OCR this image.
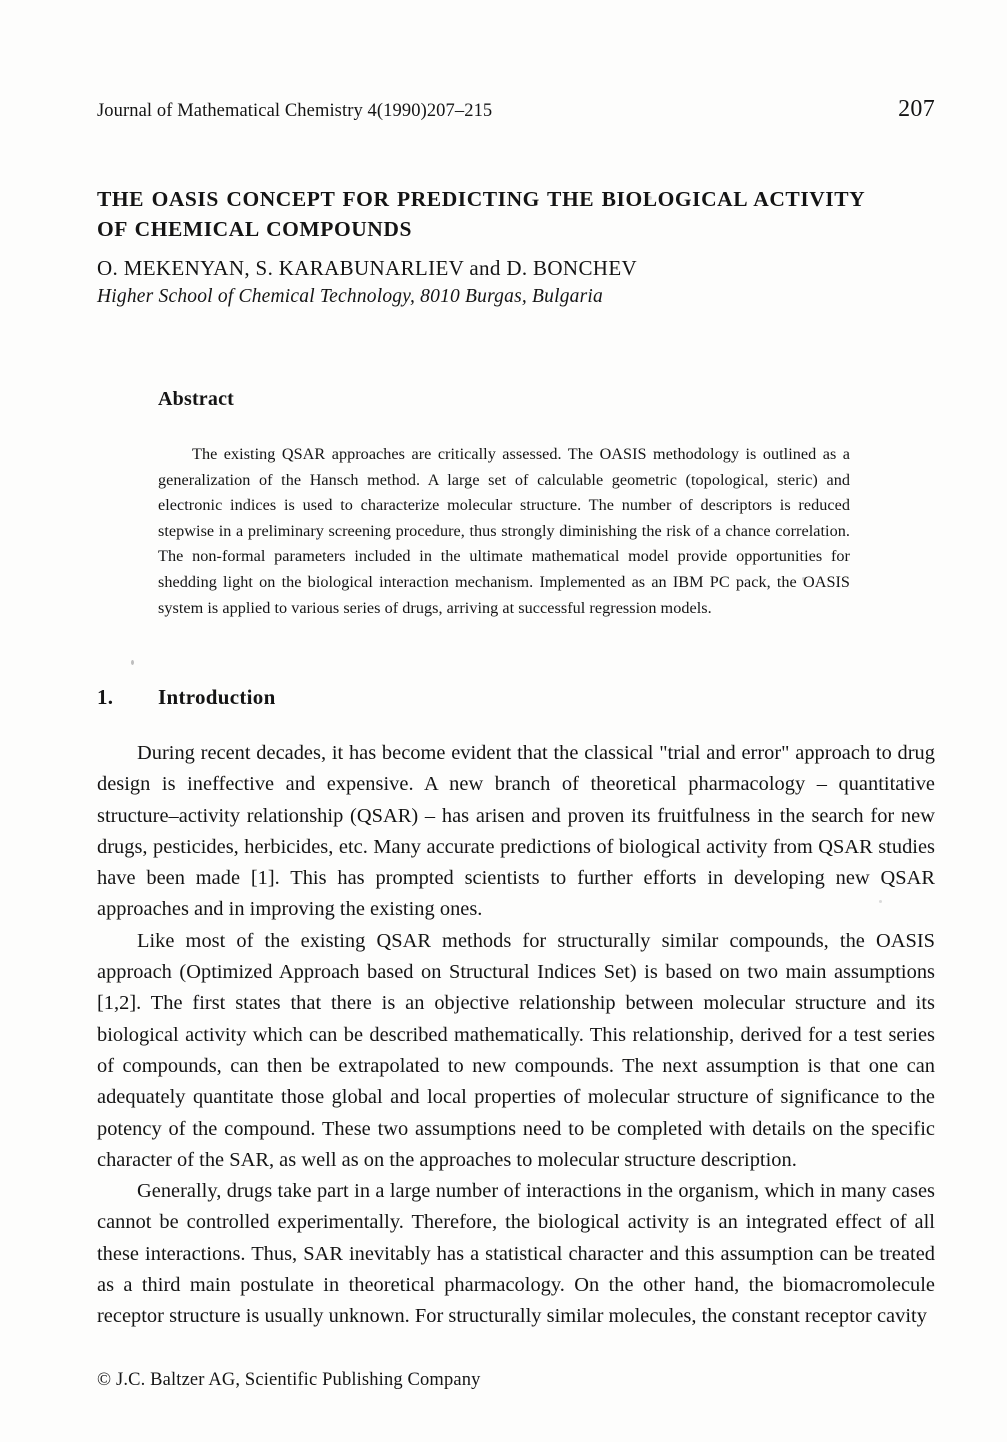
Journal of Mathematical Chemistry 4(1990)207–215	207
THE OASIS CONCEPT FOR PREDICTING THE BIOLOGICAL ACTIVITY
OF CHEMICAL COMPOUNDS
O. MEKENYAN, S. KARABUNARLIEV and D. BONCHEV
Higher School of Chemical Technology, 8010 Burgas, Bulgaria
Abstract

The existing QSAR approaches are critically assessed. The OASIS methodology is outlined as a generalization of the Hansch method. A large set of calculable geometric (topological, steric) and electronic indices is used to characterize molecular structure. The number of descriptors is reduced stepwise in a preliminary screening procedure, thus strongly diminishing the risk of a chance correlation. The non-formal parameters included in the ultimate mathematical model provide opportunities for shedding light on the biological interaction mechanism. Implemented as an IBM PC pack, the OASIS system is applied to various series of drugs, arriving at successful regression models.

1.	Introduction

During recent decades, it has become evident that the classical "trial and error" approach to drug design is ineffective and expensive. A new branch of theoretical pharmacology – quantitative structure–activity relationship (QSAR) – has arisen and proven its fruitfulness in the search for new drugs, pesticides, herbicides, etc. Many accurate predictions of biological activity from QSAR studies have been made [1]. This has prompted scientists to further efforts in developing new QSAR approaches and in improving the existing ones.

Like most of the existing QSAR methods for structurally similar compounds, the OASIS approach (Optimized Approach based on Structural Indices Set) is based on two main assumptions [1,2]. The first states that there is an objective relationship between molecular structure and its biological activity which can be described mathematically. This relationship, derived for a test series of compounds, can then be extrapolated to new compounds. The next assumption is that one can adequately quantitate those global and local properties of molecular structure of significance to the potency of the compound. These two assumptions need to be completed with details on the specific character of the SAR, as well as on the approaches to molecular structure description.

Generally, drugs take part in a large number of interactions in the organism, which in many cases cannot be controlled experimentally. Therefore, the biological activity is an integrated effect of all these interactions. Thus, SAR inevitably has a statistical character and this assumption can be treated as a third main postulate in theoretical pharmacology. On the other hand, the biomacromolecule receptor structure is usually unknown. For structurally similar molecules, the constant receptor cavity

© J.C. Baltzer AG, Scientific Publishing Company
